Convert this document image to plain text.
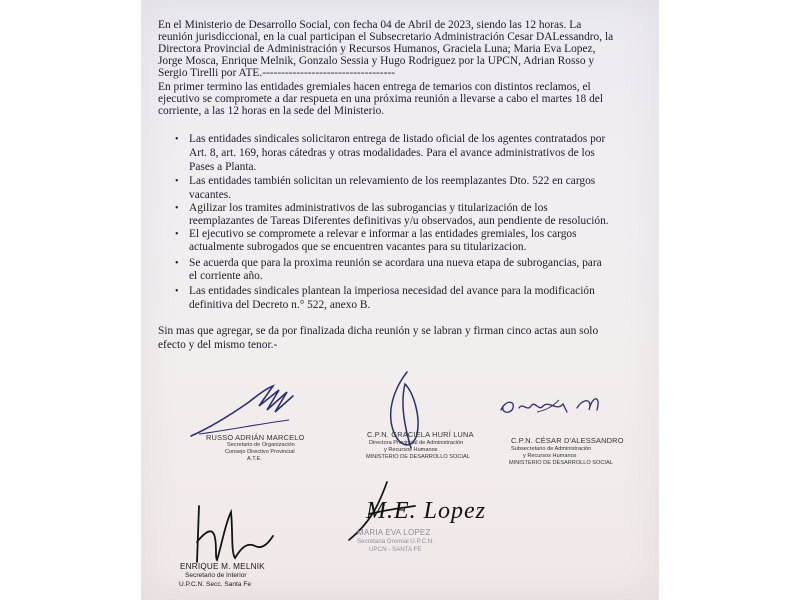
En el Ministerio de Desarrollo Social, con fecha 04 de Abril de 2023, siendo las 12 horas. La
reunión jurisdiccional, en la cual participan el Subsecretario Administración Cesar DALessandro, la
Directora Provincial de Administración y Recursos Humanos, Graciela Luna; Maria Eva Lopez,
Jorge Mosca, Enrique Melnik, Gonzalo Sessia y Hugo Rodriguez por la UPCN, Adrian Rosso y
Sergio Tirelli por ATE.-----------------------------------
En primer termino las entidades gremiales hacen entrega de temarios con distintos reclamos, el
ejecutivo se compromete a dar respueta en una próxima reunión a llevarse a cabo el martes 18 del
corriente, a las 12 horas en la sede del Ministerio.
• Las entidades sindicales solicitaron entrega de listado oficial de los agentes contratados por
Art. 8, art. 169, horas cátedras y otras modalidades. Para el avance administrativos de los
Pases a Planta.
• Las entidades también solicitan un relevamiento de los reemplazantes Dto. 522 en cargos
vacantes.
• Agilizar los tramites administrativos de las subrogancias y titularización de los
reemplazantes de Tareas Diferentes definitivas y/u observados, aun pendiente de resolución.
• El ejecutivo se compromete a relevar e informar a las entidades gremiales, los cargos
actualmente subrogados que se encuentren vacantes para su titularizacion.
• Se acuerda que para la proxima reunión se acordara una nueva etapa de subrogancias, para
el corriente año.
• Las entidades sindicales plantean la imperiosa necesidad del avance para la modificación
definitiva del Decreto n.° 522, anexo B.
Sin mas que agregar, se da por finalizada dicha reunión y se labran y firman cinco actas aun solo
efecto y del mismo tenor.-
RUSSO ADRIÁN MARCELO
Secretario de Organización
Consejo Directivo Provincial
A.T.E.
C.P.N. GRACIELA HURÍ LUNA
Directora Provincial de Administración
y Recursos Humanos
MINISTERIO DE DESARROLLO SOCIAL
C.P.N. CÉSAR D'ALESSANDRO
Subsecretario de Administración
y Recursos Humanos
MINISTERIO DE DESARROLLO SOCIAL
ENRIQUE M. MELNIK
Secretario de Interior
U.P.C.N. Secc. Santa Fe
M.E. Lopez
MARIA EVA LOPEZ
Secretaria Gremial U.P.C.N.
UPCN - SANTA FE
